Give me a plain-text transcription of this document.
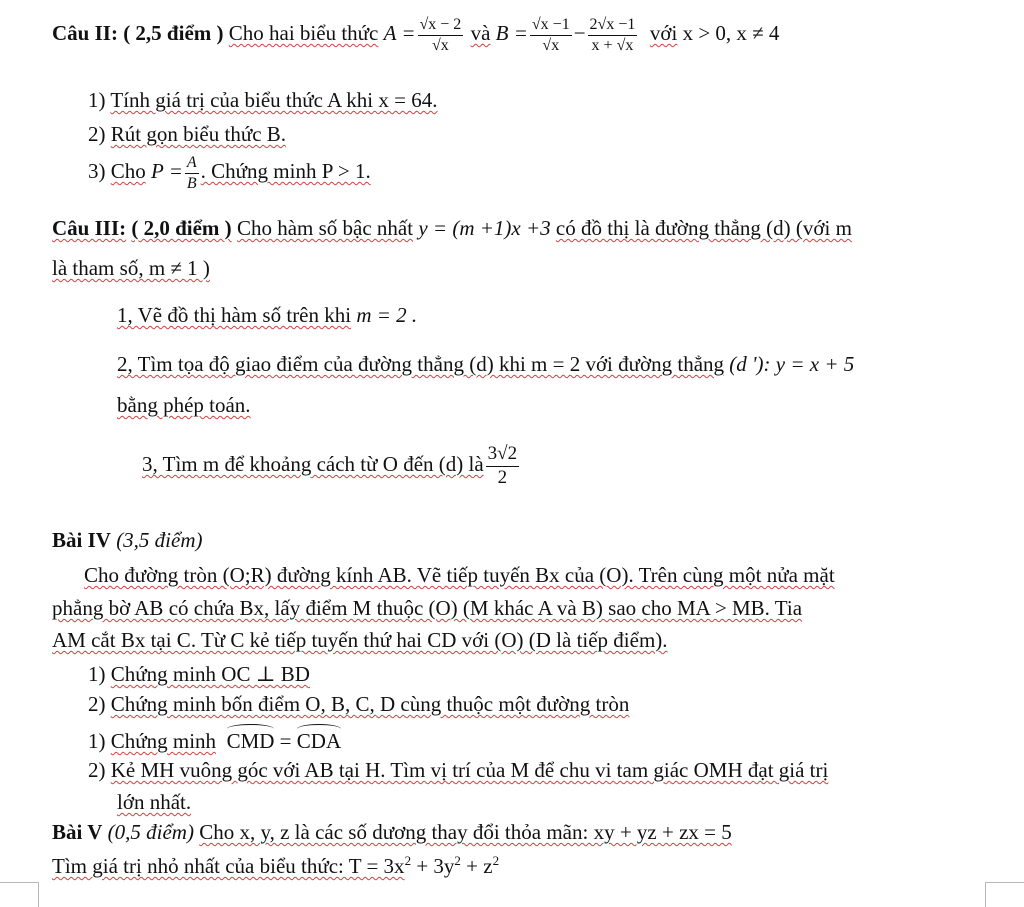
Câu II: ( 2,5 điểm ) Cho hai biểu thức $A = \frac{√x - 2}{√x}$ và $B = \frac{√x -1}{√x} - \frac{2√x -1}{x + √x}$ với x > 0, x ≠ 4
1) Tính giá trị của biểu thức A khi x = 64.
2) Rút gọn biểu thức B.
3) Cho $P = \frac{A}{B}$ . Chứng minh P > 1.
Câu III: ( 2,0 điểm ) Cho hàm số bậc nhất y = (m +1)x +3 có đồ thị là đường thẳng (d) (với m
là tham số, m ≠ 1 )
1, Vẽ đồ thị hàm số trên khi m = 2 .
2, Tìm tọa độ giao điểm của đường thẳng (d) khi m = 2 với đường thẳng (d '): y = x + 5
bằng phép toán.
3, Tìm m để khoảng cách từ O đến (d) là $\frac{3√2}{2}$
Bài IV (3,5 điểm)
Cho đường tròn (O;R) đường kính AB. Vẽ tiếp tuyến Bx của (O). Trên cùng một nửa mặt
phẳng bờ AB có chứa Bx, lấy điểm M thuộc (O) (M khác A và B) sao cho MA > MB. Tia
AM cắt Bx tại C. Từ C kẻ tiếp tuyến thứ hai CD với (O) (D là tiếp điểm).
1) Chứng minh OC ⊥ BD
2) Chứng minh bốn điểm O, B, C, D cùng thuộc một đường tròn
1) Chứng minh CMD = CDA
2) Kẻ MH vuông góc với AB tại H. Tìm vị trí của M để chu vi tam giác OMH đạt giá trị
lớn nhất.
Bài V (0,5 điểm) Cho x, y, z là các số dương thay đổi thỏa mãn: xy + yz + zx = 5
Tìm giá trị nhỏ nhất của biểu thức: $T = 3x^2 + 3y^2 + z^2$
